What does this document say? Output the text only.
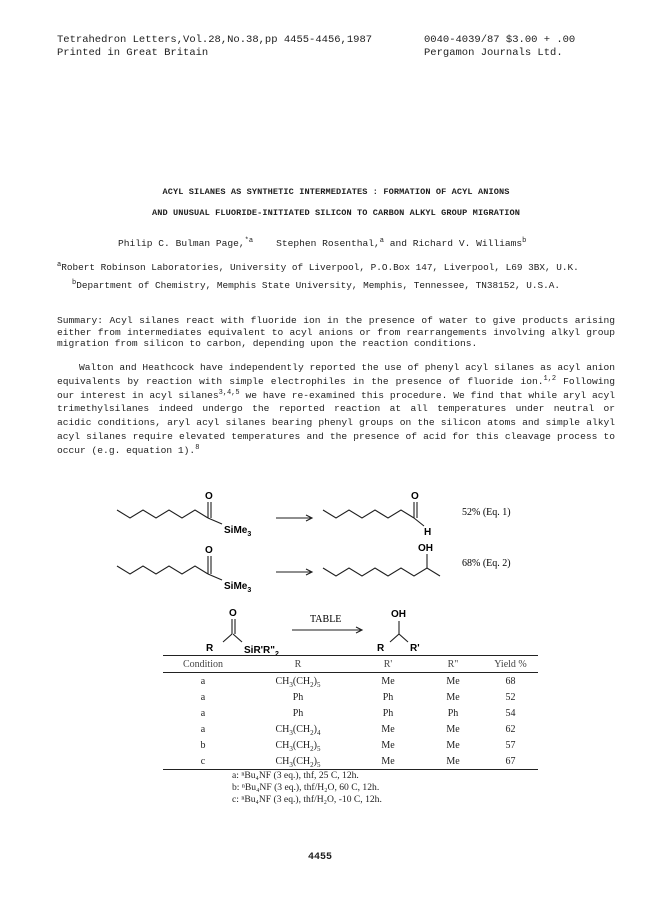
Tetrahedron Letters,Vol.28,No.38,pp 4455-4456,1987
Printed in Great Britain
0040-4039/87 $3.00 + .00
Pergamon Journals Ltd.
ACYL SILANES AS SYNTHETIC INTERMEDIATES : FORMATION OF ACYL ANIONS
AND UNUSUAL FLUORIDE-INITIATED SILICON TO CARBON ALKYL GROUP MIGRATION
Philip C. Bulman Page,$^{*a}$ Stephen Rosenthal,$^a$ and Richard V. Williams$^b$
$^a$Robert Robinson Laboratories, University of Liverpool, P.O.Box 147, Liverpool, L69 3BX, U.K.
$^b$Department of Chemistry, Memphis State University, Memphis, Tennessee, TN38152, U.S.A.
Summary: Acyl silanes react with fluoride ion in the presence of water to give products arising either from intermediates equivalent to acyl anions or from rearrangements involving alkyl group migration from silicon to carbon, depending upon the reaction conditions.

Walton and Heathcock have independently reported the use of phenyl acyl silanes as acyl anion equivalents by reaction with simple electrophiles in the presence of fluoride ion.$^{1,2}$ Following our interest in acyl silanes$^{3,4,5}$ we have re-examined this procedure. We find that while aryl acyl trimethylsilanes indeed undergo the reported reaction at all temperatures under neutral or acidic conditions, aryl acyl silanes bearing phenyl groups on the silicon atoms and simple alkyl acyl silanes require elevated temperatures and the presence of acid for this cleavage process to occur (e.g. equation 1).$^8$

O
SiMe$_3$
O
H
52% (Eq. 1)
O
SiMe$_3$
OH
68% (Eq. 2)
O
R	$SiR'R"_2$
TABLE	OH
R	R'
Condition	R	R'	R"	Yield %
a	$CH_3(CH_2)_5$	Me	Me	68
a	Ph	Ph	Me	52
a	Ph	Ph	Ph	54
a	$CH_3(CH_2)_4$	Me	Me	62
b	$CH_3(CH_2)_5$	Me	Me	57
c	$CH_3(CH_2)_5$	Me	Me	67
a: ⁿBu₄NF (3 eq.), thf, 25 C, 12h.
b: ⁿBu₄NF (3 eq.), thf/H₂O, 60 C, 12h.
c: ⁿBu₄NF (3 eq.), thf/H₂O, -10 C, 12h.
4455
